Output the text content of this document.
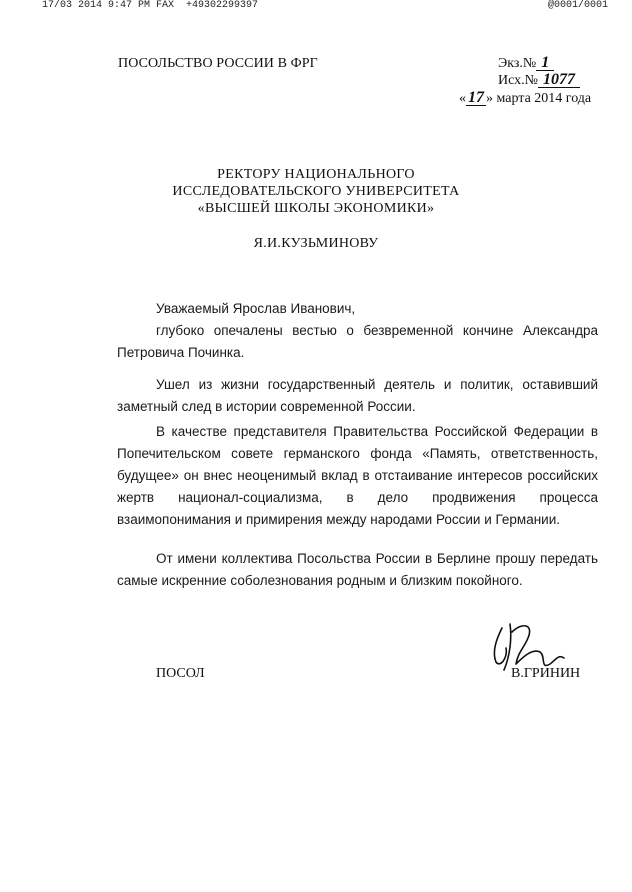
17/03 2014 9:47 PM FAX  +49302299397	@0001/0001
ПОСОЛЬСТВО РОССИИ В ФРГ	Экз.№ 1
Исх.№ 1077
« 17 » марта 2014 года
РЕКТОРУ НАЦИОНАЛЬНОГО
ИССЛЕДОВАТЕЛЬСКОГО УНИВЕРСИТЕТА
«ВЫСШЕЙ ШКОЛЫ ЭКОНОМИКИ»
Я.И.КУЗЬМИНОВУ
Уважаемый Ярослав Иванович,

глубоко опечалены вестью о безвременной кончине Александра Петровича Починка.

Ушел из жизни государственный деятель и политик, оставивший заметный след в истории современной России.

В качестве представителя Правительства Российской Федерации в Попечительском совете германского фонда «Память, ответственность, будущее» он внес неоценимый вклад в отстаивание интересов российских жертв национал-социализма, в дело продвижения процесса взаимопонимания и примирения между народами России и Германии.

От имени коллектива Посольства России в Берлине прошу передать самые искренние соболезнования родным и близким покойного.

ПОСОЛ	В.ГРИНИН
